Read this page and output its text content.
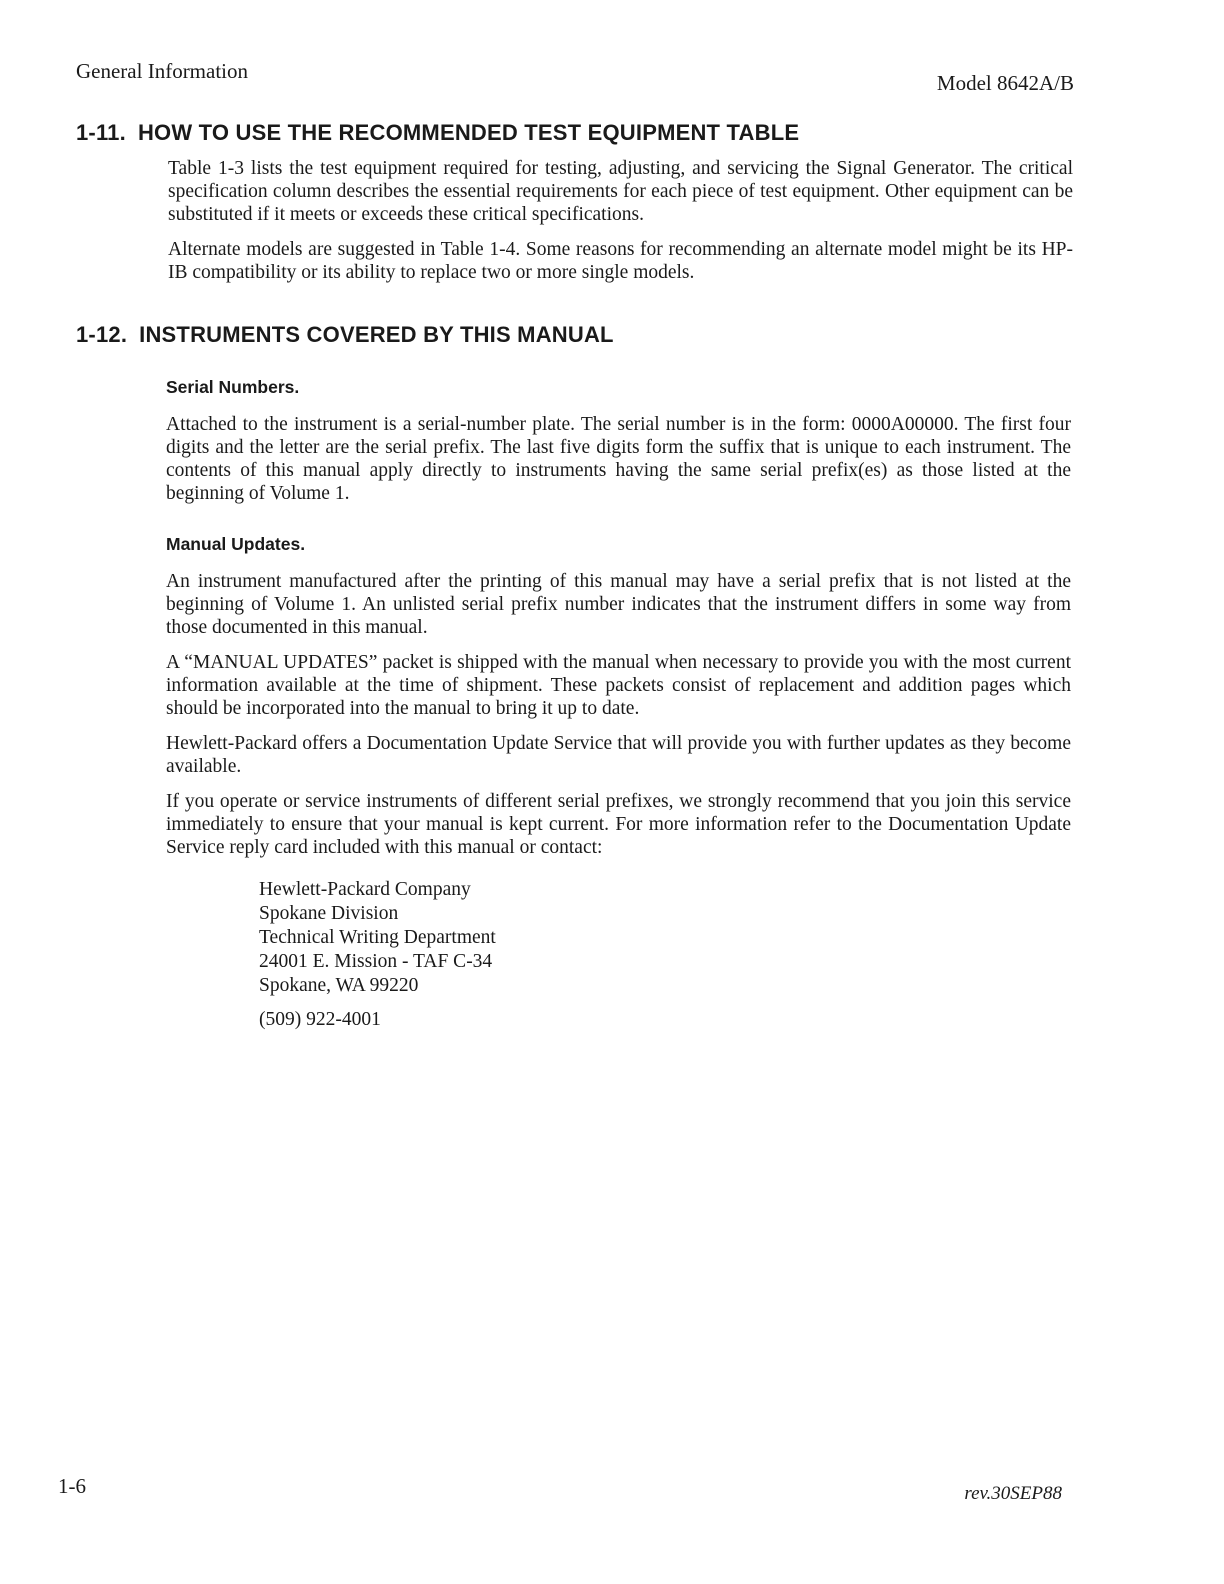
General Information	Model 8642A/B
1-11. HOW TO USE THE RECOMMENDED TEST EQUIPMENT TABLE

Table 1-3 lists the test equipment required for testing, adjusting, and servicing the Signal Generator. The critical specification column describes the essential requirements for each piece of test equipment. Other equipment can be substituted if it meets or exceeds these critical specifications.

Alternate models are suggested in Table 1-4. Some reasons for recommending an alternate model might be its HP-IB compatibility or its ability to replace two or more single models.

1-12. INSTRUMENTS COVERED BY THIS MANUAL
Serial Numbers.

Attached to the instrument is a serial-number plate. The serial number is in the form: 0000A00000. The first four digits and the letter are the serial prefix. The last five digits form the suffix that is unique to each instrument. The contents of this manual apply directly to instruments having the same serial prefix(es) as those listed at the beginning of Volume 1.

Manual Updates.

An instrument manufactured after the printing of this manual may have a serial prefix that is not listed at the beginning of Volume 1. An unlisted serial prefix number indicates that the instrument differs in some way from those documented in this manual.

A “MANUAL UPDATES” packet is shipped with the manual when necessary to provide you with the most current information available at the time of shipment. These packets consist of replacement and addition pages which should be incorporated into the manual to bring it up to date.

Hewlett-Packard offers a Documentation Update Service that will provide you with further updates as they become available.

If you operate or service instruments of different serial prefixes, we strongly recommend that you join this service immediately to ensure that your manual is kept current. For more information refer to the Documentation Update Service reply card included with this manual or contact:

Hewlett-Packard Company
Spokane Division
Technical Writing Department
24001 E. Mission - TAF C-34
Spokane, WA 99220
(509) 922-4001
1-6	rev.30SEP88
